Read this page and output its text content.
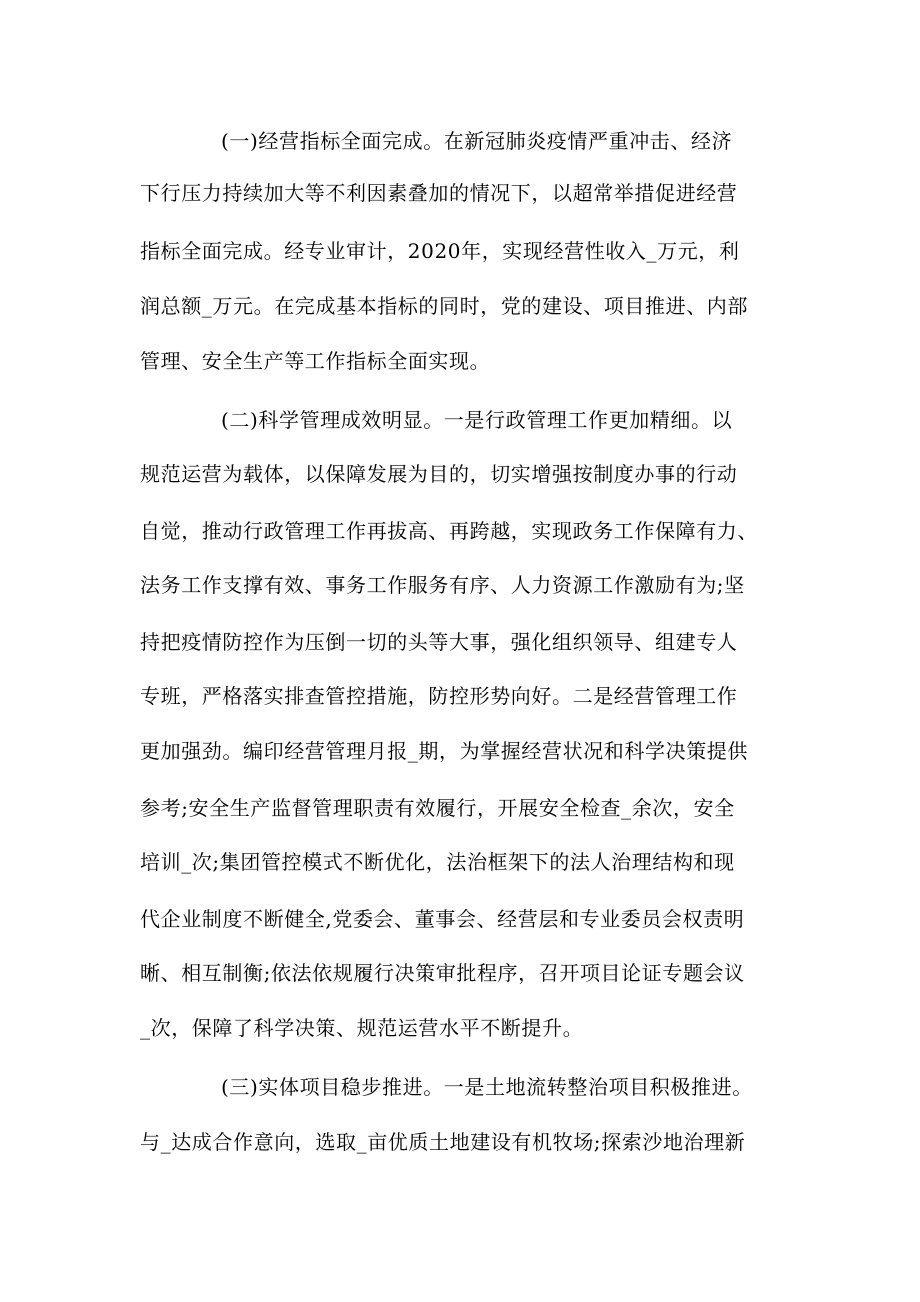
(一)经营指标全面完成。在新冠肺炎疫情严重冲击、经济
下行压力持续加大等不利因素叠加的情况下，以超常举措促进经营
指标全面完成。经专业审计，2020年，实现经营性收入_万元，利
润总额_万元。在完成基本指标的同时，党的建设、项目推进、内部
管理、安全生产等工作指标全面实现。
(二)科学管理成效明显。一是行政管理工作更加精细。以
规范运营为载体，以保障发展为目的，切实增强按制度办事的行动
自觉，推动行政管理工作再拔高、再跨越，实现政务工作保障有力、
法务工作支撑有效、事务工作服务有序、人力资源工作激励有为;坚
持把疫情防控作为压倒一切的头等大事，强化组织领导、组建专人
专班，严格落实排查管控措施，防控形势向好。二是经营管理工作
更加强劲。编印经营管理月报_期，为掌握经营状况和科学决策提供
参考;安全生产监督管理职责有效履行，开展安全检查_余次，安全
培训_次;集团管控模式不断优化，法治框架下的法人治理结构和现
代企业制度不断健全,党委会、董事会、经营层和专业委员会权责明
晰、相互制衡;依法依规履行决策审批程序，召开项目论证专题会议
_次，保障了科学决策、规范运营水平不断提升。
(三)实体项目稳步推进。一是土地流转整治项目积极推进。
与_达成合作意向，选取_亩优质土地建设有机牧场;探索沙地治理新
